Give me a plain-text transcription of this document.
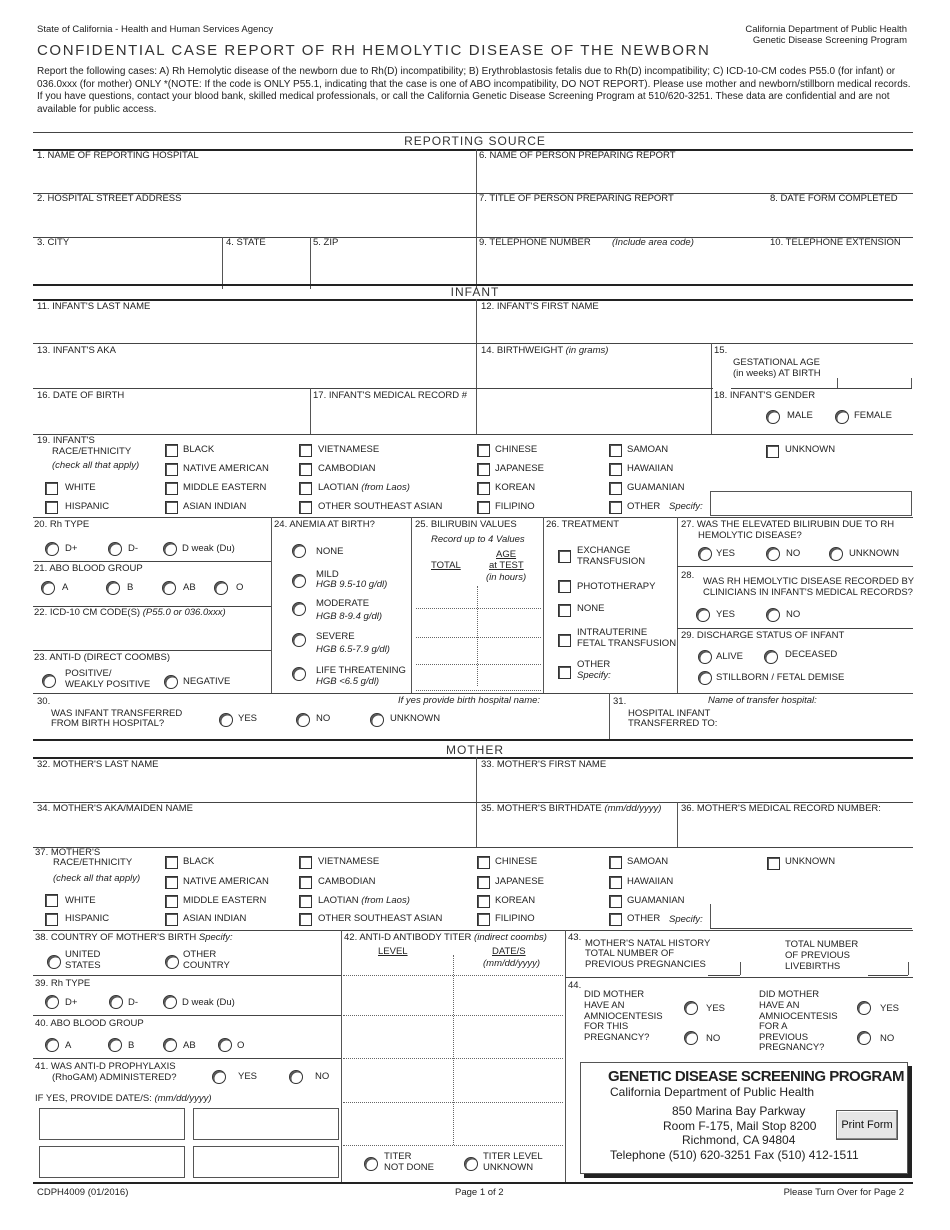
State of California - Health and Human Services Agency	California Department of Public Health
Genetic Disease Screening Program
CONFIDENTIAL CASE REPORT OF RH HEMOLYTIC DISEASE OF THE NEWBORN
Report the following cases: A) Rh Hemolytic disease of the newborn due to Rh(D) incompatibility; B) Erythroblastosis fetalis due to Rh(D) incompatibility; C) ICD-10-CM codes P55.0 (for infant) or 036.0xxx (for mother) ONLY *(NOTE: If the code is ONLY P55.1, indicating that the case is one of ABO incompatibility, DO NOT REPORT). Please use mother and newborn/stillborn medical records. If you have questions, contact your blood bank, skilled medical professionals, or call the California Genetic Disease Screening Program at 510/620-3251. These data are confidential and are not available for public access.
REPORTING SOURCE
1. NAME OF REPORTING HOSPITAL	6. NAME OF PERSON PREPARING REPORT
2. HOSPITAL STREET ADDRESS	7. TITLE OF PERSON PREPARING REPORT	8. DATE FORM COMPLETED
3. CITY	4. STATE	5. ZIP	9. TELEPHONE NUMBER (Include area code)	10. TELEPHONE EXTENSION
INFANT
11. INFANT'S LAST NAME	12. INFANT'S FIRST NAME
13. INFANT'S AKA	14. BIRTHWEIGHT (in grams)	15.
GESTATIONAL AGE
(in weeks) AT BIRTH
16. DATE OF BIRTH	17. INFANT'S MEDICAL RECORD #	18. INFANT'S GENDER
MALE	FEMALE
19. INFANT'S
RACE/ETHNICITY
(check all that apply)
WHITE
HISPANIC
BLACK
NATIVE AMERICAN
MIDDLE EASTERN
ASIAN INDIAN
VIETNAMESE
CAMBODIAN
LAOTIAN (from Laos)
OTHER SOUTHEAST ASIAN
CHINESE
JAPANESE
KOREAN
FILIPINO
SAMOAN
HAWAIIAN
GUAMANIAN
OTHER Specify:
UNKNOWN
20. Rh TYPE
D+	D-	D weak (Du)
21. ABO BLOOD GROUP
A	B	AB	O
22. ICD-10 CM CODE(S) (P55.0 or 036.0xxx)
23. ANTI-D (DIRECT COOMBS)
POSITIVE/
WEAKLY POSITIVE	NEGATIVE
24. ANEMIA AT BIRTH?
NONE
MILD
HGB 9.5-10 g/dl)
MODERATE
HGB 8-9.4 g/dl)
SEVERE
HGB 6.5-7.9 g/dl)
LIFE THREATENING
HGB <6.5 g/dl)
25. BILIRUBIN VALUES
Record up to 4 Values
TOTAL
AGE
at TEST
(in hours)
26. TREATMENT
EXCHANGE
TRANSFUSION
PHOTOTHERAPY
NONE
INTRAUTERINE
FETAL TRANSFUSION
OTHER
Specify:
27. WAS THE ELEVATED BILIRUBIN DUE TO RH
HEMOLYTIC DISEASE?
YES	NO	UNKNOWN
28.
WAS RH HEMOLYTIC DISEASE RECORDED BY
CLINICIANS IN INFANT'S MEDICAL RECORDS?
YES	NO
29. DISCHARGE STATUS OF INFANT
ALIVE	DECEASED
STILLBORN / FETAL DEMISE
30.
WAS INFANT TRANSFERRED
FROM BIRTH HOSPITAL?	YES	NO	UNKNOWN
If yes provide birth hospital name:	31.
HOSPITAL INFANT
TRANSFERRED TO:
Name of transfer hospital:
MOTHER
32. MOTHER'S LAST NAME	33. MOTHER'S FIRST NAME
34. MOTHER'S AKA/MAIDEN NAME	35. MOTHER'S BIRTHDATE (mm/dd/yyyy) 36. MOTHER'S MEDICAL RECORD NUMBER:
37. MOTHER'S
RACE/ETHNICITY
(check all that apply)
WHITE
HISPANIC
BLACK
NATIVE AMERICAN
MIDDLE EASTERN
ASIAN INDIAN
VIETNAMESE
CAMBODIAN
LAOTIAN (from Laos)
OTHER SOUTHEAST ASIAN
CHINESE
JAPANESE
KOREAN
FILIPINO
SAMOAN
HAWAIIAN
GUAMANIAN
OTHER Specify:
UNKNOWN
38. COUNTRY OF MOTHER'S BIRTH Specify:
UNITED
STATES
OTHER
COUNTRY
39. Rh TYPE
D+	D-	D weak (Du)
40. ABO BLOOD GROUP
A	B	AB	O
41. WAS ANTI-D PROPHYLAXIS
(RhoGAM) ADMINISTERED?	YES	NO
IF YES, PROVIDE DATE/S: (mm/dd/yyyy)
42. ANTI-D ANTIBODY TITER (indirect coombs)
LEVEL	DATE/S
(mm/dd/yyyy)
TITER
NOT DONE
TITER LEVEL
UNKNOWN
43.
MOTHER'S NATAL HISTORY
TOTAL NUMBER OF
PREVIOUS PREGNANCIES
TOTAL NUMBER
OF PREVIOUS
LIVEBIRTHS
44.
DID MOTHER
HAVE AN
AMNIOCENTESIS
FOR THIS
PREGNANCY?
YES
NO
DID MOTHER
HAVE AN
AMNIOCENTESIS
FOR A
PREVIOUS
PREGNANCY?
YES
NO
GENETIC DISEASE SCREENING PROGRAM
California Department of Public Health
850 Marina Bay Parkway
Room F-175, Mail Stop 8200
Richmond, CA 94804
Telephone (510) 620-3251 Fax (510) 412-1511
Print Form
CDPH4009 (01/2016)	Page 1 of 2	Please Turn Over for Page 2
